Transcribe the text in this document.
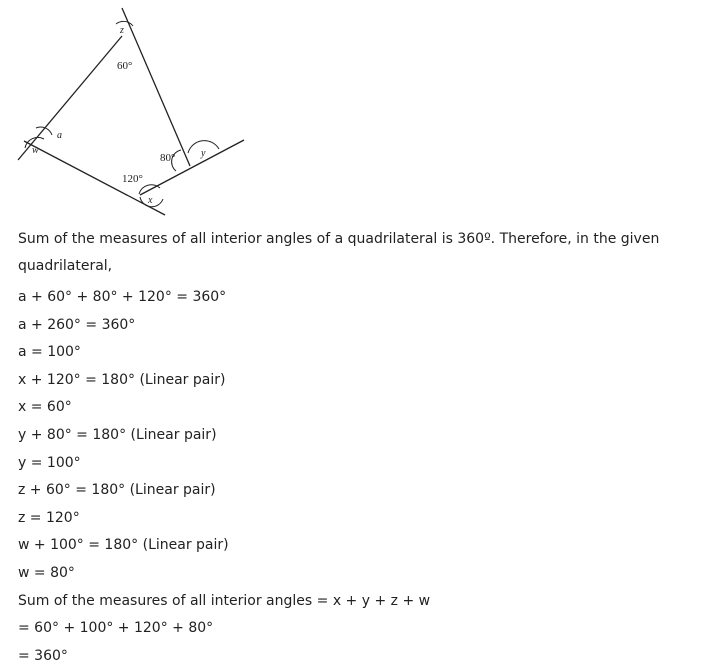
z
60°
a
w
80°	y
120°
x

Sum of the measures of all interior angles of a quadrilateral is 360º. Therefore, in the given quadrilateral,

a + 60° + 80° + 120° = 360°
a + 260° = 360°
a = 100°
x + 120° = 180° (Linear pair)
x = 60°
y + 80° = 180° (Linear pair)
y = 100°
z + 60° = 180° (Linear pair)
z = 120°
w + 100° = 180° (Linear pair)
w = 80°
Sum of the measures of all interior angles = x + y + z + w
= 60° + 100° + 120° + 80°
= 360°
